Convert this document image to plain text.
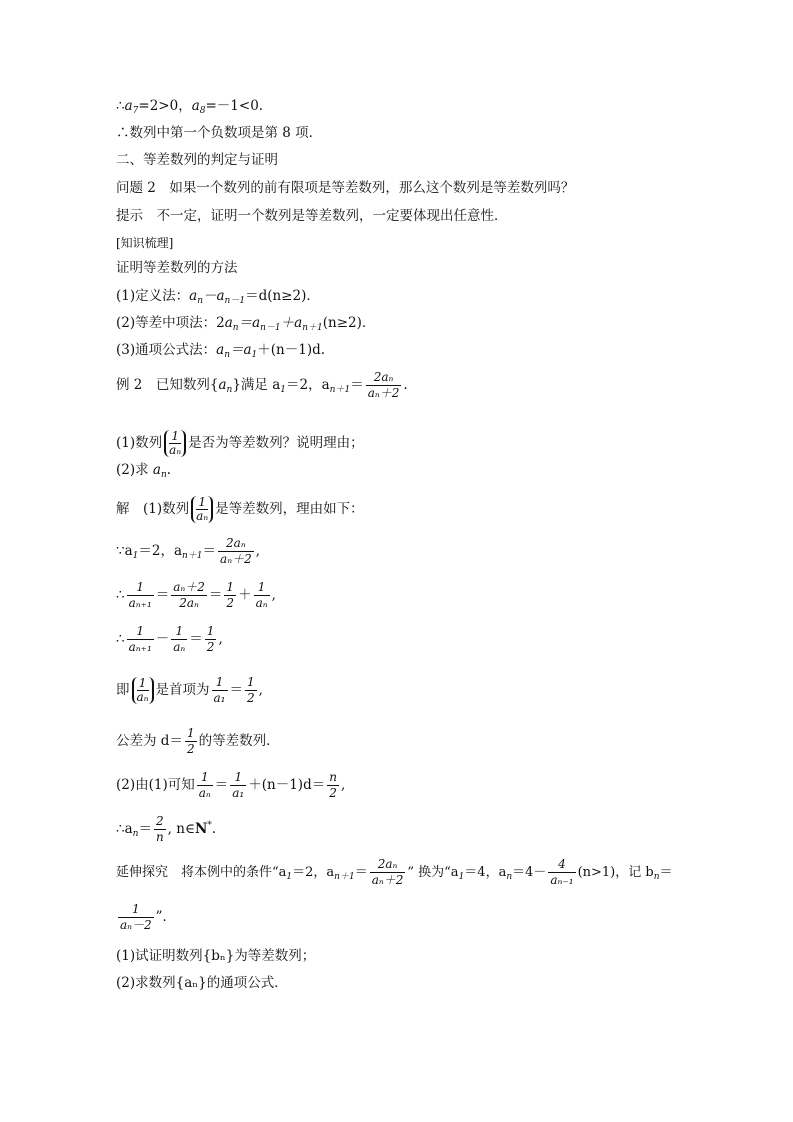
$\therefore a_7=2>0$，$a_8=-1<0$.
∴数列中第一个负数项是第 8 项．
二、等差数列的判定与证明
问题 2　如果一个数列的前有限项是等差数列，那么这个数列是等差数列吗？
提示　不一定，证明一个数列是等差数列，一定要体现出任意性．
[知识梳理]
证明等差数列的方法
(1)定义法：$a_n-a_{n-1}=d(n\ge 2)$．
(2)等差中项法：$2a_n=a_{n-1}+a_{n+1}(n\ge 2)$．
(3)通项公式法：$a_n=a_1+(n-1)d$.
例 2　已知数列$\{a_n\}$满足 $a_1=2$，$a_{n+1}= \frac{\text{2aₙ}}{\text{aₙ＋2}}$ .
(1)数列 $\frac{1}{\text{aₙ}}$ 是否为等差数列？说明理由；
(2)求 $a_n$.
解　(1)数列 $\frac{1}{\text{aₙ}}$ 是等差数列，理由如下：
$\because a_1=2$，$a_{n+1}= \frac{\text{2aₙ}}{\text{aₙ＋2}}$ ,
∴ $\frac{1}{\text{aₙ₊₁}} = \frac{\text{aₙ＋2}}{\text{2aₙ}} = \frac{1}{2} + \frac{1}{\text{aₙ}}$ ,
∴ $\frac{1}{\text{aₙ₊₁}} - \frac{1}{\text{aₙ}} = \frac{1}{2}$ ,
即 $\frac{1}{\text{aₙ}}$ 是首项为 $\frac{1}{\text{a₁}} = \frac{1}{2}$ ,
公差为 $d= \frac{1}{2}$ 的等差数列．
(2)由(1)可知 $\frac{1}{\text{aₙ}} = \frac{1}{\text{a₁}} +(n-1)d= \frac{n}{2}$ ,
$\therefore a_n= \frac{2}{n}$ , n∈N*.
延伸探究　将本例中的条件“$a_1=2$，$a_{n+1}= \frac{\text{2aₙ}}{\text{aₙ＋2}}$ ” 换为“$a_1=4$，$a_n=4- \frac{4}{\text{aₙ₋₁}} (n>1)$，记 $b_n=$
$\frac{1}{\text{aₙ－2}}$ ”．
(1)试证明数列{bₙ}为等差数列；
(2)求数列{aₙ}的通项公式．
